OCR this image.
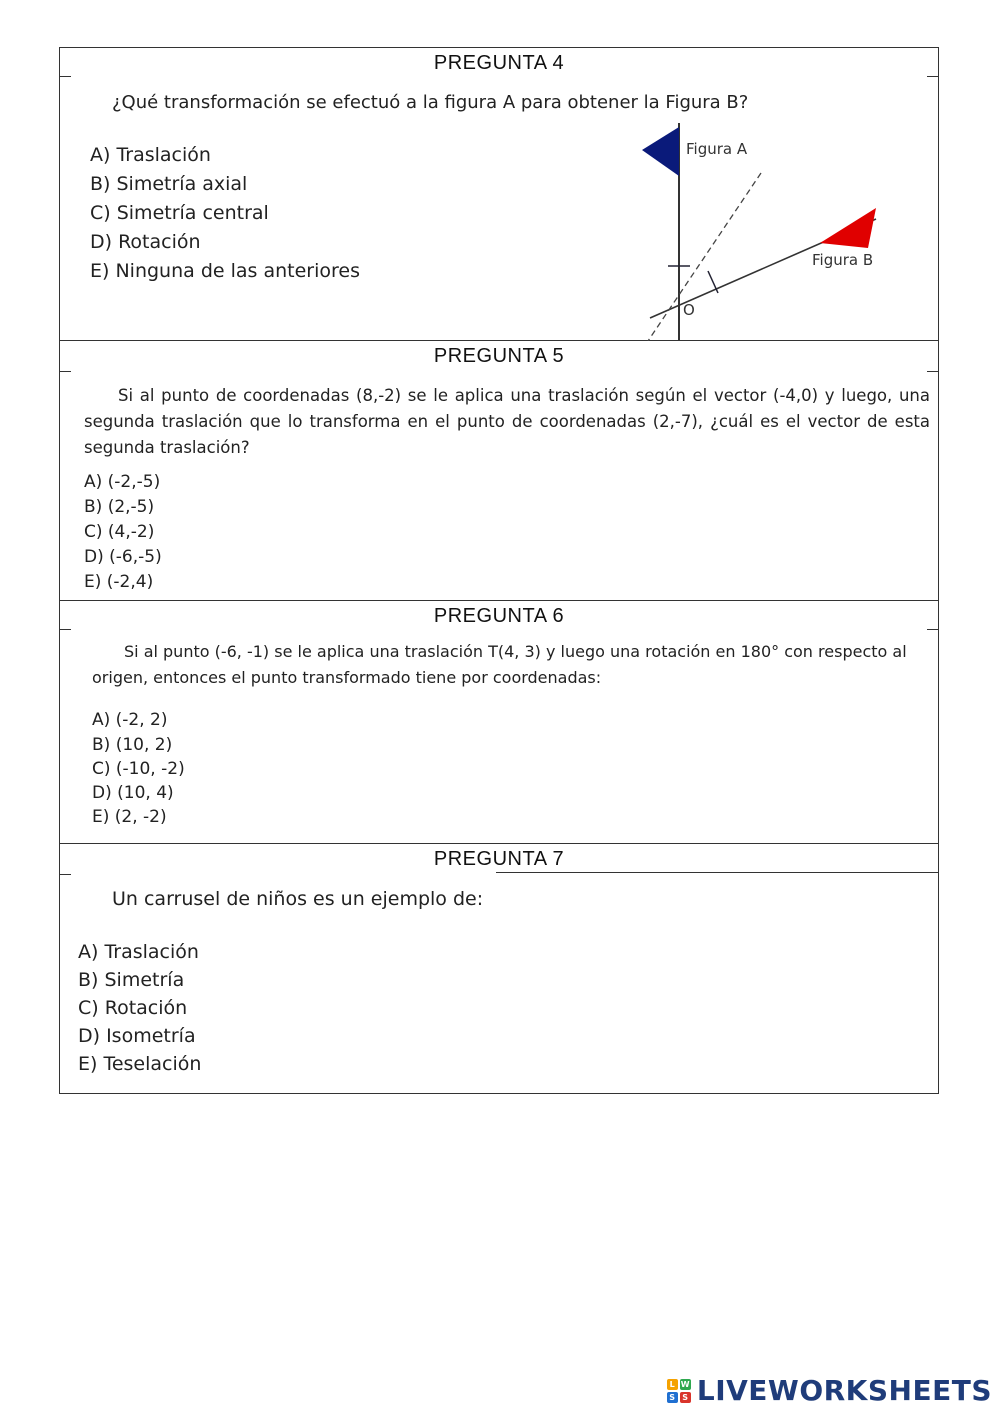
PREGUNTA 4
¿Qué transformación se efectuó a la figura A para obtener la Figura B?
A) Traslación
B) Simetría axial
C) Simetría central
D) Rotación
E) Ninguna de las anteriores
Figura A
Figura B
O
PREGUNTA 5
Si al punto de coordenadas (8,-2) se le aplica una traslación según el vector (-4,0) y luego, una segunda traslación que lo transforma en el punto de coordenadas (2,-7), ¿cuál es el vector de esta segunda traslación?
A) (-2,-5)
B) (2,-5)
C) (4,-2)
D) (-6,-5)
E) (-2,4)
PREGUNTA 6
Si al punto (-6, -1) se le aplica una traslación T(4, 3) y luego una rotación en 180° con respecto al origen, entonces el punto transformado tiene por coordenadas:
A) (-2, 2)
B) (10, 2)
C) (-10, -2)
D) (10, 4)
E) (2, -2)
PREGUNTA 7
Un carrusel de niños es un ejemplo de:
A) Traslación
B) Simetría
C) Rotación
D) Isometría
E) Teselación
L W
S S LIVEWORKSHEETS
